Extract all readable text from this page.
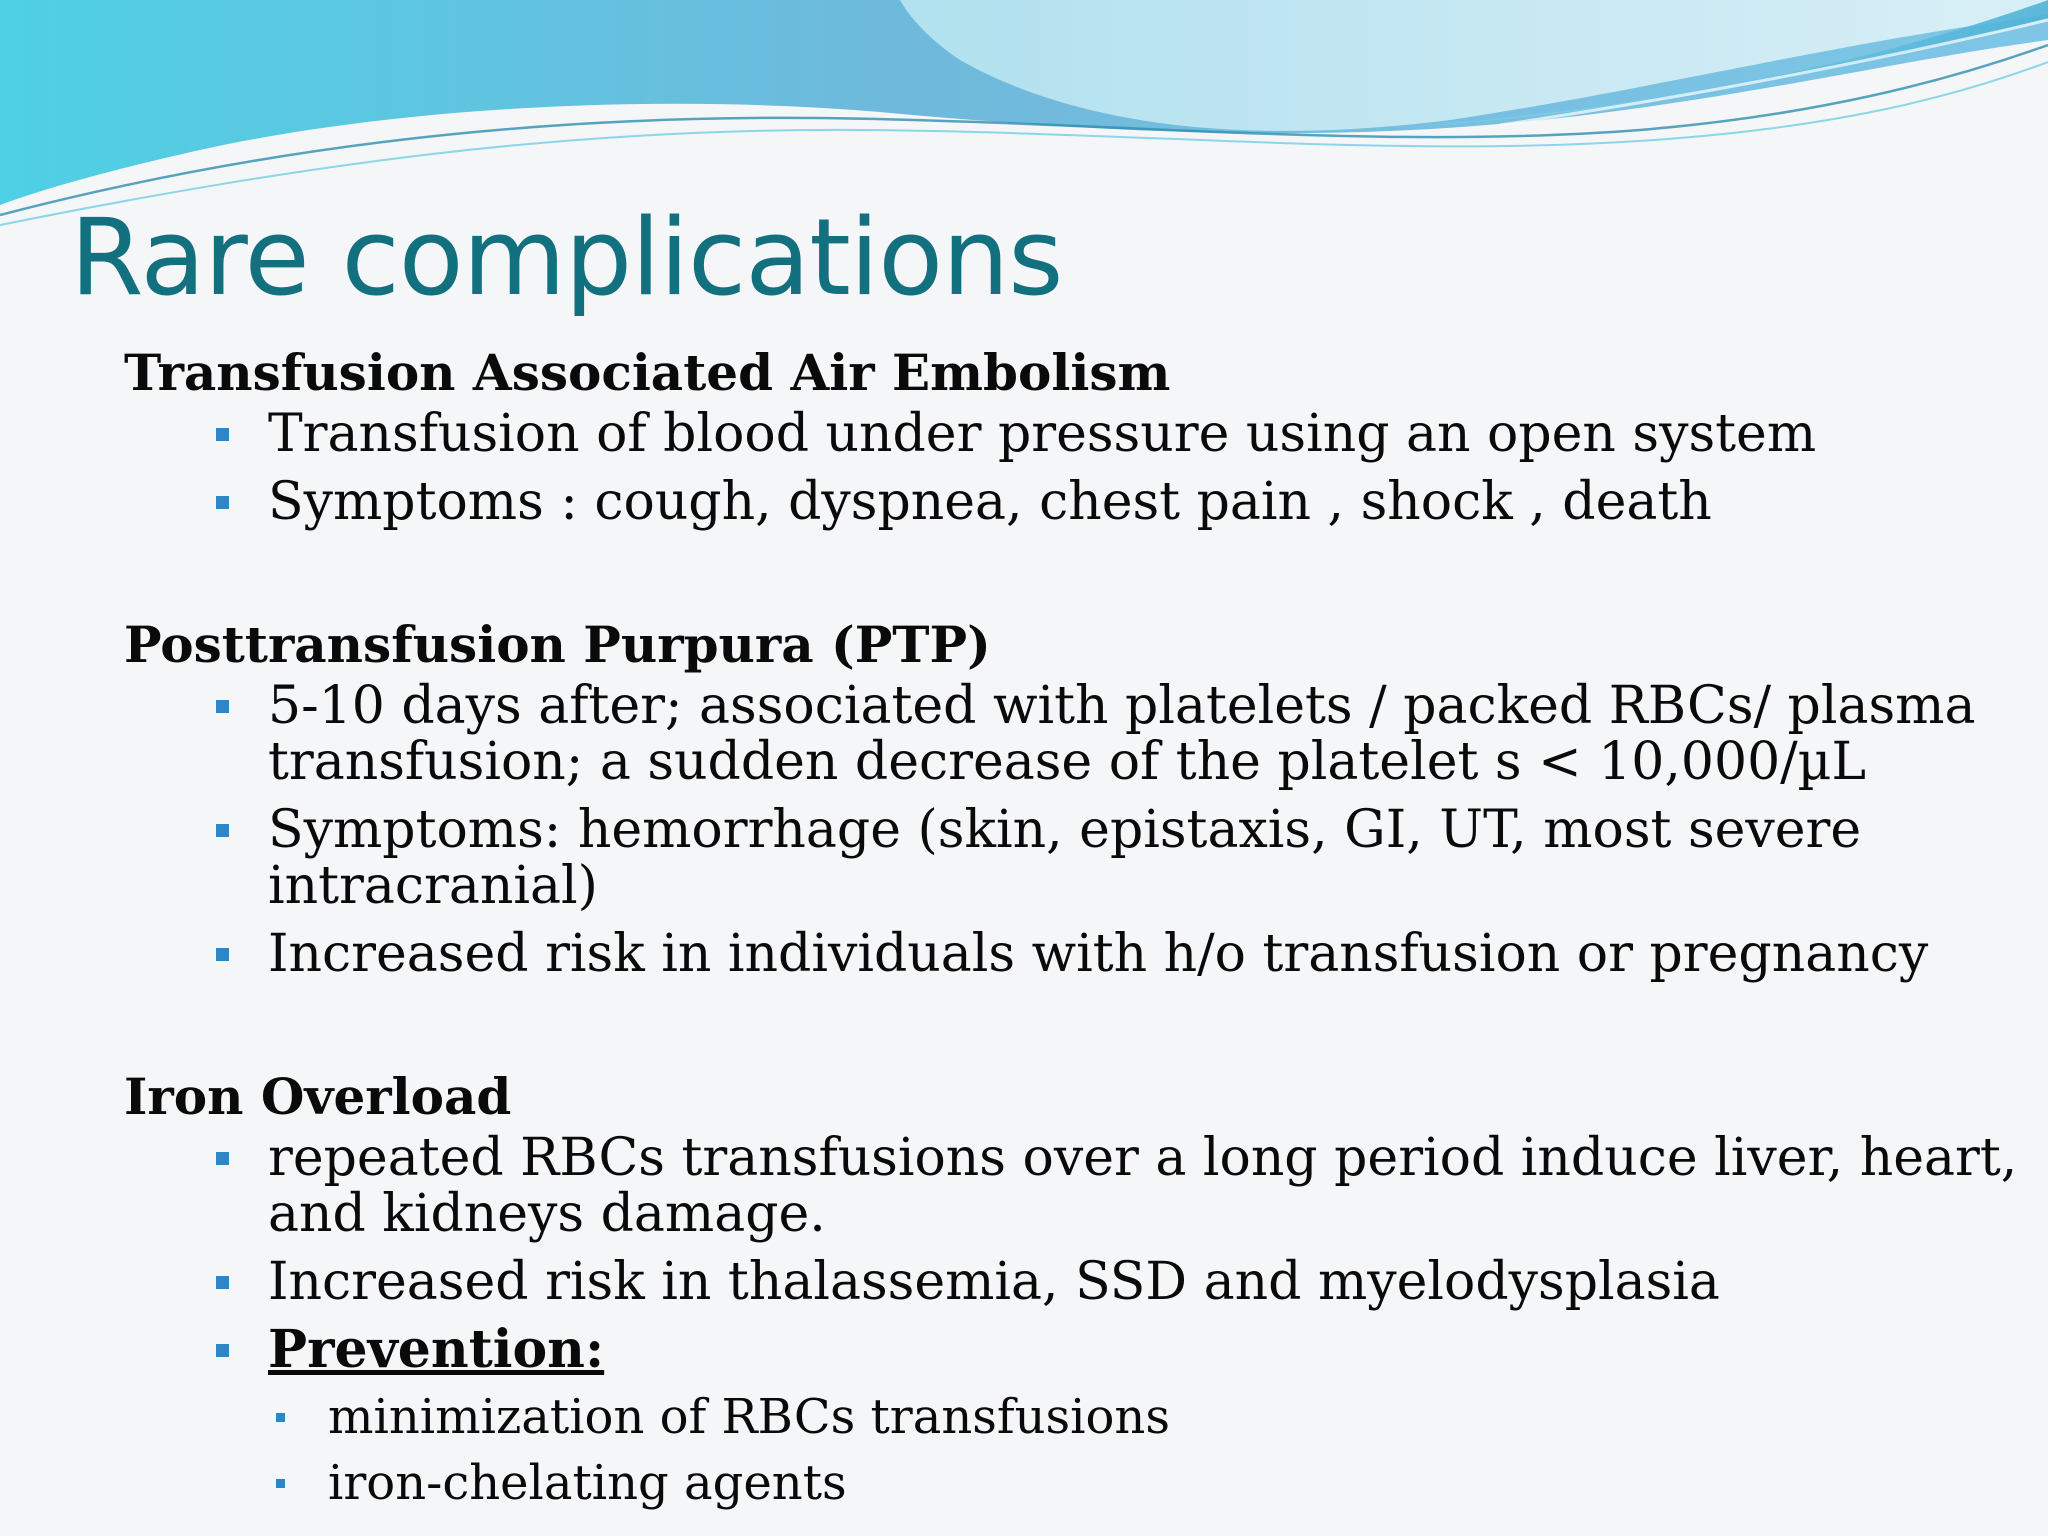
Rare complications

Transfusion Associated Air Embolism

Transfusion of blood under pressure using an open system
Symptoms : cough, dyspnea, chest pain , shock , death

Posttransfusion Purpura (PTP)

5-10 days after; associated with platelets / packed RBCs/ plasma transfusion; a sudden decrease of the platelet s < 10,000/µL
Symptoms: hemorrhage (skin, epistaxis, GI, UT, most severe intracranial)
Increased risk in individuals with h/o transfusion or pregnancy

Iron Overload

repeated RBCs transfusions over a long period induce liver, heart, and kidneys damage.
Increased risk in thalassemia, SSD and myelodysplasia
Prevention:
minimization of RBCs transfusions
iron-chelating agents
